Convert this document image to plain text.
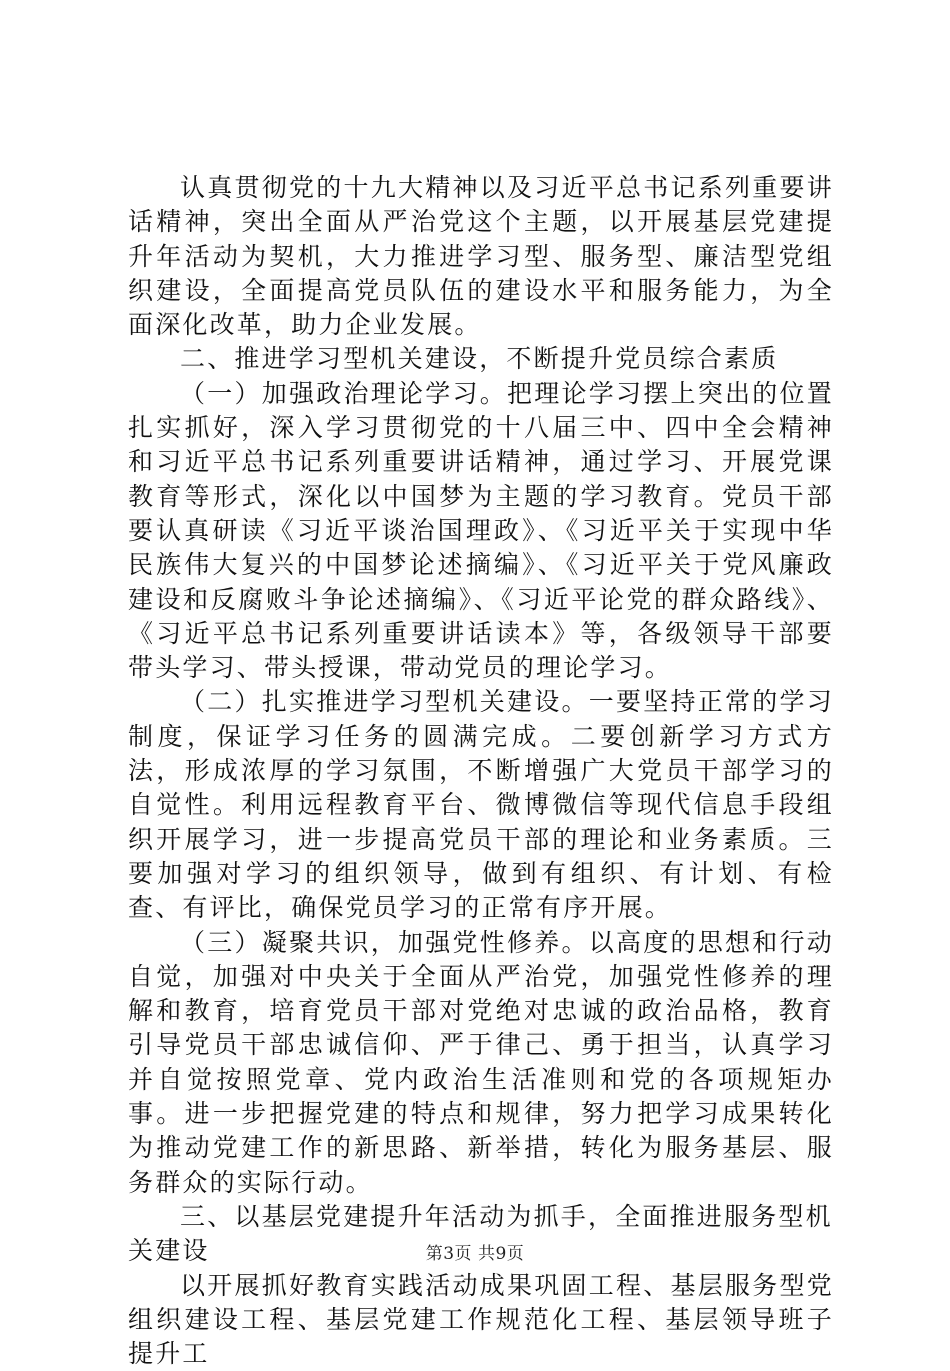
认真贯彻党的十九大精神以及习近平总书记系列重要讲话精神，突出全面从严治党这个主题，以开展基层党建提升年活动为契机，大力推进学习型、服务型、廉洁型党组织建设，全面提高党员队伍的建设水平和服务能力，为全面深化改革，助力企业发展。

二、推进学习型机关建设，不断提升党员综合素质

（一）加强政治理论学习。把理论学习摆上突出的位置扎实抓好，深入学习贯彻党的十八届三中、四中全会精神和习近平总书记系列重要讲话精神，通过学习、开展党课教育等形式，深化以中国梦为主题的学习教育。党员干部要认真研读《习近平谈治国理政》、《习近平关于实现中华民族伟大复兴的中国梦论述摘编》、《习近平关于党风廉政建设和反腐败斗争论述摘编》、《习近平论党的群众路线》、《习近平总书记系列重要讲话读本》等，各级领导干部要带头学习、带头授课，带动党员的理论学习。

（二）扎实推进学习型机关建设。一要坚持正常的学习制度，保证学习任务的圆满完成。二要创新学习方式方法，形成浓厚的学习氛围，不断增强广大党员干部学习的自觉性。利用远程教育平台、微博微信等现代信息手段组织开展学习，进一步提高党员干部的理论和业务素质。三要加强对学习的组织领导，做到有组织、有计划、有检查、有评比，确保党员学习的正常有序开展。

（三）凝聚共识，加强党性修养。以高度的思想和行动自觉，加强对中央关于全面从严治党，加强党性修养的理解和教育，培育党员干部对党绝对忠诚的政治品格，教育引导党员干部忠诚信仰、严于律己、勇于担当，认真学习并自觉按照党章、党内政治生活准则和党的各项规矩办事。进一步把握党建的特点和规律，努力把学习成果转化为推动党建工作的新思路、新举措，转化为服务基层、服务群众的实际行动。

三、以基层党建提升年活动为抓手，全面推进服务型机关建设

以开展抓好教育实践活动成果巩固工程、基层服务型党组织建设工程、基层党建工作规范化工程、基层领导班子提升工

第3页 共9页
